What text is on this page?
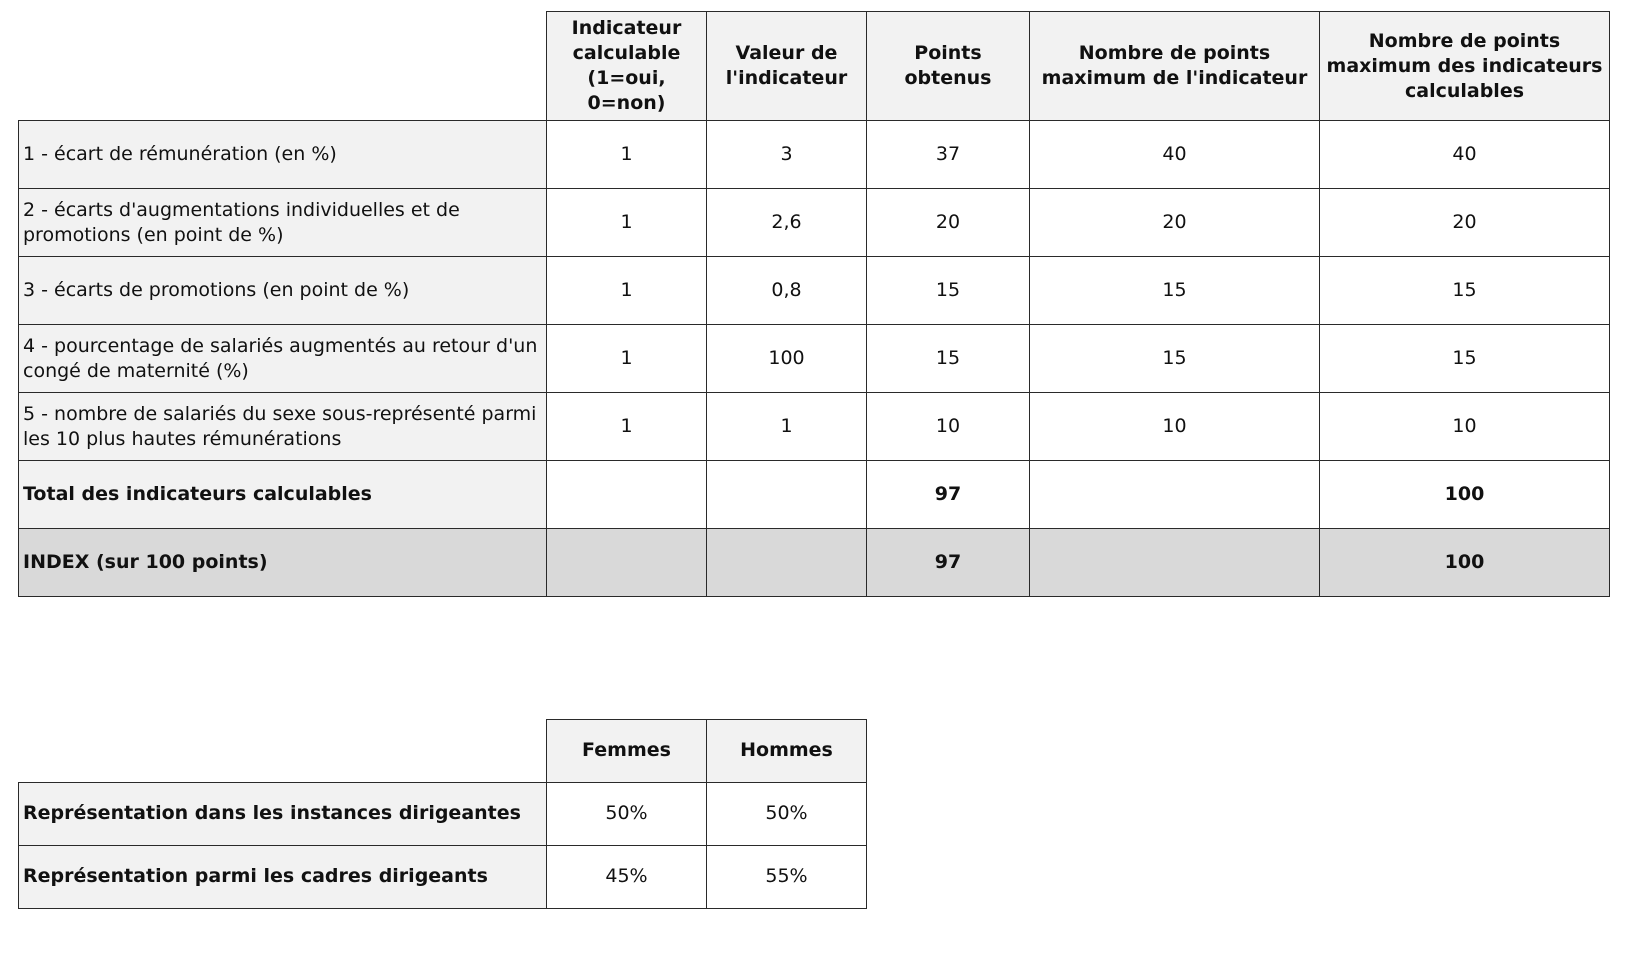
	Indicateur calculable (1=oui, 0=non)	Valeur de l'indicateur	Points obtenus	Nombre de points maximum de l'indicateur	Nombre de points maximum des indicateurs calculables
1 - écart de rémunération (en %)	1	3	37	40	40
2 - écarts d'augmentations individuelles et de promotions (en point de %)	1	2,6	20	20	20
3 - écarts de promotions (en point de %)	1	0,8	15	15	15
4 - pourcentage de salariés augmentés au retour d'un congé de maternité (%)	1	100	15	15	15
5 - nombre de salariés du sexe sous-représenté parmi les 10 plus hautes rémunérations	1	1	10	10	10
Total des indicateurs calculables			97		100
INDEX (sur 100 points)			97		100
	Femmes	Hommes
Représentation dans les instances dirigeantes	50%	50%
Représentation parmi les cadres dirigeants	45%	55%
